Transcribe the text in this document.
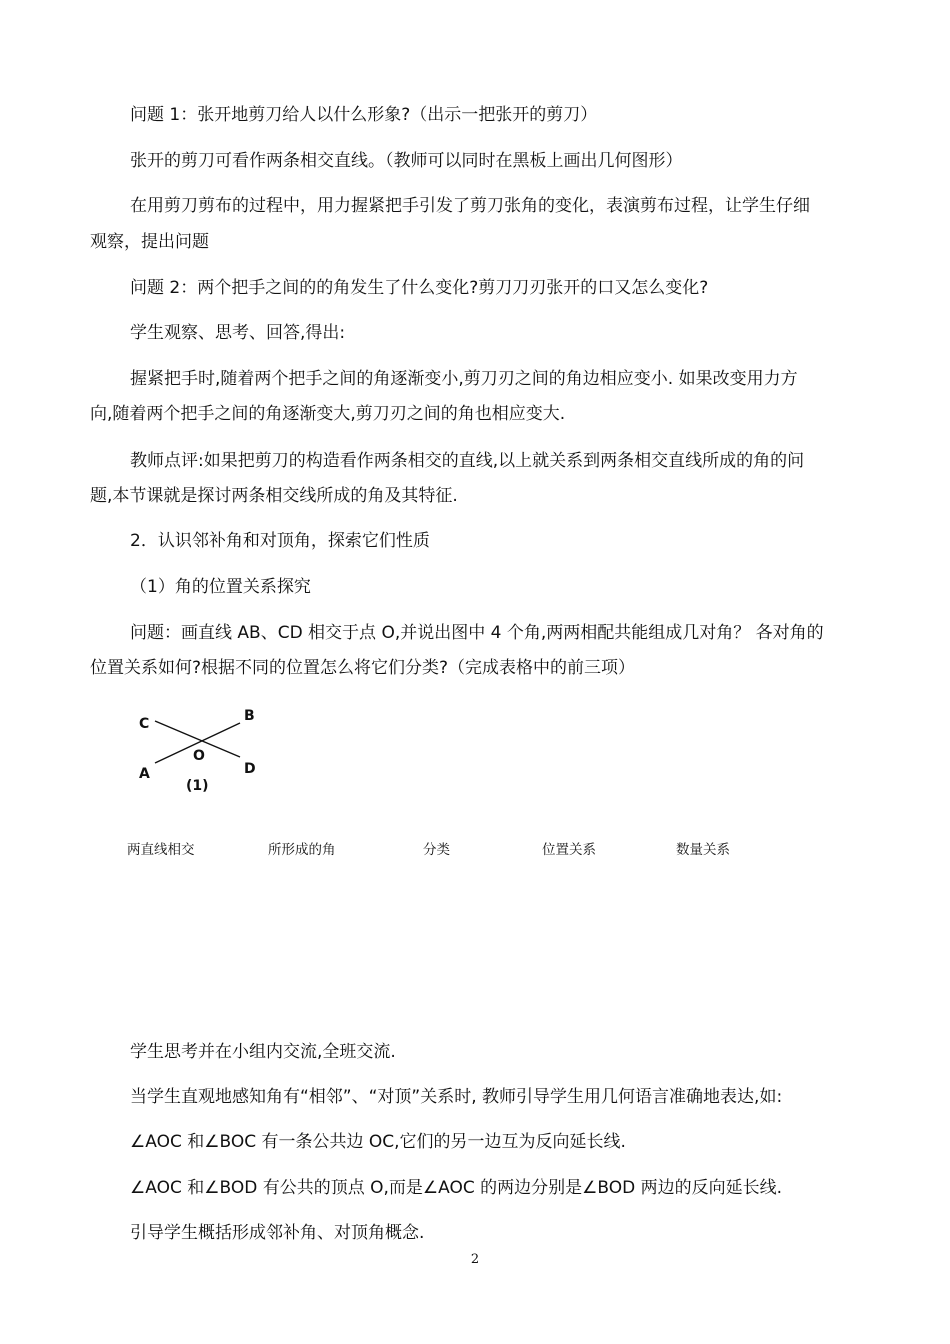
问题 1：张开地剪刀给人以什么形象?（出示一把张开的剪刀）
张开的剪刀可看作两条相交直线。（教师可以同时在黑板上画出几何图形）
在用剪刀剪布的过程中，用力握紧把手引发了剪刀张角的变化，表演剪布过程，让学生仔细
观察，提出问题
问题 2：两个把手之间的的角发生了什么变化?剪刀刀刃张开的口又怎么变化?
学生观察、思考、回答,得出:
握紧把手时,随着两个把手之间的角逐渐变小,剪刀刃之间的角边相应变小. 如果改变用力方
向,随着两个把手之间的角逐渐变大,剪刀刃之间的角也相应变大.
教师点评:如果把剪刀的构造看作两条相交的直线,以上就关系到两条相交直线所成的角的问
题,本节课就是探讨两条相交线所成的角及其特征.
2．认识邻补角和对顶角，探索它们性质
（1）角的位置关系探究
问题：画直线 AB、CD 相交于点 O,并说出图中 4 个角,两两相配共能组成几对角？ 各对角的
位置关系如何?根据不同的位置怎么将它们分类?（完成表格中的前三项）
C	B
O
A	D
(1)
两直线相交	所形成的角	分类	位置关系	数量关系
学生思考并在小组内交流,全班交流.
当学生直观地感知角有“相邻”、“对顶”关系时, 教师引导学生用几何语言准确地表达,如:
∠AOC 和∠BOC 有一条公共边 OC,它们的另一边互为反向延长线.
∠AOC 和∠BOD 有公共的顶点 O,而是∠AOC 的两边分别是∠BOD 两边的反向延长线.
引导学生概括形成邻补角、对顶角概念.
2
